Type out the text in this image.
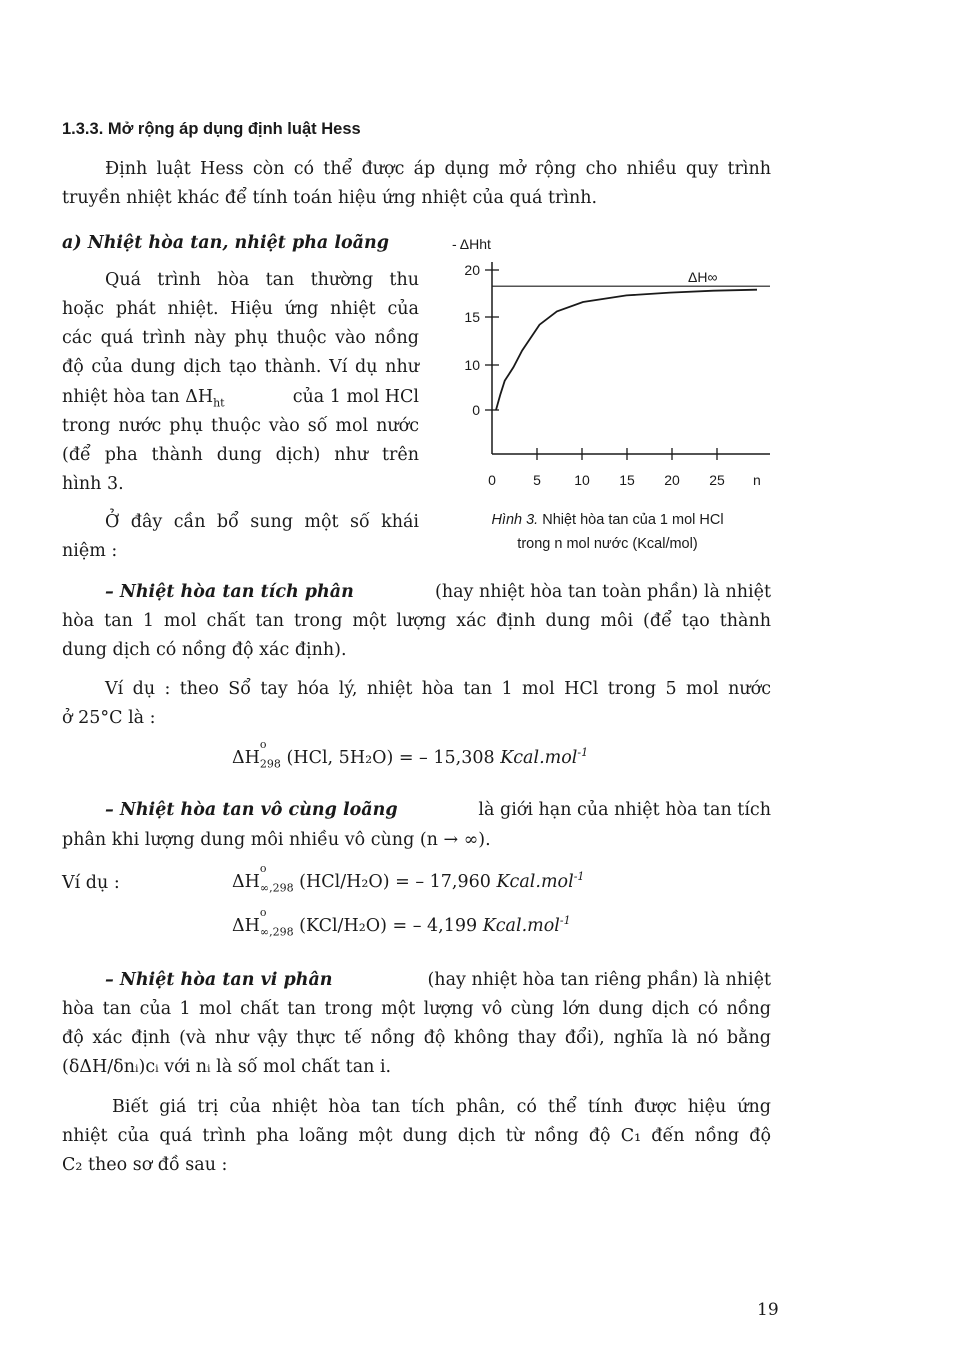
1.3.3. Mở rộng áp dụng định luật Hess
Định luật Hess còn có thể được áp dụng mở rộng cho nhiều quy trình
truyền nhiệt khác để tính toán hiệu ứng nhiệt của quá trình.
a) Nhiệt hòa tan, nhiệt pha loãng
Quá trình hòa tan thường thu
hoặc phát nhiệt. Hiệu ứng nhiệt của
các quá trình này phụ thuộc vào nồng
độ của dung dịch tạo thành. Ví dụ như
nhiệt hòa $\tan \Delta H_{ht}$	của 1 mol HCl
trong nước phụ thuộc vào số mol nước
(để pha thành dung dịch) như trên
hình 3.
Ở đây cần bổ sung một số khái
niệm :
- ΔHht
ΔH∞
0
10
15
20
0	5 10 15 20 25 n
Hình 3. Nhiệt hòa tan của 1 mol HCl
trong n mol nước (Kcal/mol)
– Nhiệt hòa tan tích phân	(hay nhiệt hòa tan toàn phần) là nhiệt
hòa tan 1 mol chất tan trong một lượng xác định dung môi (để tạo thành
dung dịch có nồng độ xác định).
Ví dụ : theo Sổ tay hóa lý, nhiệt hòa tan 1 mol HCl trong 5 mol nước
ở 25°C là :
ΔH
o
$_{298}$ (HCl, 5H₂O) = – 15,308 Kcal.mol$^{-1}$
– Nhiệt hòa tan vô cùng loãng	là giới hạn của nhiệt hòa tan tích
phân khi lượng dung môi nhiều vô cùng (n → ∞).
Ví dụ :	ΔH
o
$_{\infty,298}$ (HCl/H₂O) = – 17,960 Kcal.mol$^{-1}$
ΔH
o
$_{\infty,298}$ (KCl/H₂O) = – 4,199 Kcal.mol$^{-1}$
– Nhiệt hòa tan vi phân	(hay nhiệt hòa tan riêng phần) là nhiệt
hòa tan của 1 mol chất tan trong một lượng vô cùng lớn dung dịch có nồng
độ xác định (và như vậy thực tế nồng độ không thay đổi), nghĩa là nó bằng
(δΔH/δnᵢ)cᵢ với nᵢ là số mol chất tan i.
Biết giá trị của nhiệt hòa tan tích phân, có thể tính được hiệu ứng
nhiệt của quá trình pha loãng một dung dịch từ nồng độ C₁ đến nồng độ
C₂ theo sơ đồ sau :
19
